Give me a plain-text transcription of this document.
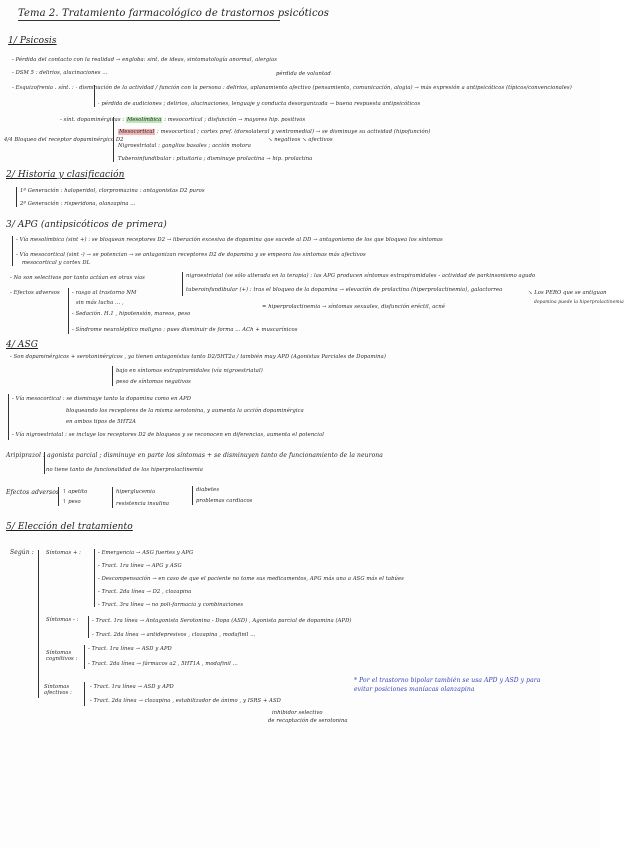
Tema 2. Tratamiento farmacológico de trastornos psicóticos
1/ Psicosis
- Pérdida del contacto con la realidad → engloba: sint. de ideas, sintomatología anormal, alergias
- DSM 5 : delirios, alucinaciones ...	pérdida de voluntad
- Esquizofrenia . sínt. : · disminución de la actividad / función con la persona : delirios, aplanamiento afectivo (pensamiento, comunicación, alogia) → más expresión a antipsicóticos (típicos/convencionales)
· pérdida de audiciones ; delirios, alucinaciones, lenguaje y conducta desorganizada → buena respuesta antipsicóticos
- sínt. dopaminérgicas : Mesolímbica : mesocortical ; disfunción → mayores hip. positivos
Mesocortical : mesocortical ; cortex pref. (dorsolateral y ventromedial) → se disminuye su actividad (hipofunción)
↘ negativos ↘ afectivos
Nigroestriatal : ganglios basales ; acción motora
Tuberoinfundibular : pituitaria ; disminuye prolactina → hip. prolactina
4/4 Bloqueo del receptor dopaminérgico D2
2/ Historia y clasificación
1ª Generación : haloperidol, clorpromazina : antagonistas D2 puros
2ª Generación : risperidona, olanzapina ...
3/ APG (antipsicóticos de primera)
- Vía mesolímbica (sint +) : se bloquean receptores D2 → liberación excesiva de dopamina que sucede al DD → antagonismo de los que bloquea los síntomas
- Vía mesocortical (sint -) → se potencian → se antagonizan receptores D2 de dopamina y se empeora los síntomas más afectivos
mesocortical y cortex DL
- No son selectivos por tanto actúan en otras vías	nigroestriatal (se sólo alterada en la terapia) : las APG producen síntomas extrapiramidales - actividad de parkinsonismo agudo
- Efectos adversos	tuberoinfundibular (+) : tras el bloqueo de la dopamina → elevación de prolactina (hiperprolactinemia), galactorrea
- rasgo al trastorno NM
sin más lucha ... ,
- Sedación. H.1 , hipotensión, mareos, peso
- Síndrome neuroléptico maligno : pues disminuir de forma ... ACh + muscarínicos
↘ Los PERO que se antiguan
dopamina puede la hiperprolactinemia
= hiperprolactinemia → síntomas sexuales, disfunción eréctil, acné
4/ ASG
- Son dopaminérgicos + serotoninérgicos , ya tienen antagonistas tanto D2/5HT2a / también muy APD (Agonistas Parciales de Dopamina)
bajo en síntomas extrapiramidales (vía nigroestriatal)
peso de síntomas negativos
- Vía mesocortical : se disminuye tanto la dopamina como en APD
bloqueando los receptores de la misma serotonina, y aumenta la acción dopaminérgica
en ambos tipos de 5HT2A
- Vía nigroestriatal : se incluye los receptores D2 de bloqueos y se reconocen en diferencias, aumenta el potencial
Aripiprazol : agonista parcial ; disminuye en parte los síntomas + se disminuyen tanto de funcionamiento de la neurona
no tiene tanto de funcionalidad de los hiperprolactinemia
Efectos adversos ↑ apetito
↑ peso
hiperglucemia
resistencia insulina
diabetes
problemas cardiacos
5/ Elección del tratamiento
Según : Síntomas + :	- Emergencia → ASG fuertes y APG
- Tract. 1ra línea → APG y ASG
- Descompensación → en caso de que el paciente no tome sus medicamentos, APG más una a ASG más el tabúes
- Tract. 2da línea → D2 , clozapina
- Tract. 3ra línea → no poli-farmacia y combinaciones
Síntomas - :	- Tract. 1ra línea → Antagonista Serotonina - Dopa (ASD) , Agonista parcial de dopamina (APD)
- Tract. 2da línea → antidepresivos , clozapina , modafinil ...
Síntomas cognitivos :
- Tract. 1ra línea → ASD y APD
- Tract. 2da línea → fármacos a2 , 5HT1A , modafinil ...
Síntomas afectivos :
- Tract. 1ra línea → ASD y APD
- Tract. 2da línea → clozapina , estabilizador de ánimo , y ISRS + ASD
inhibidor selectivo
de recaptación de serotonina
* Por el trastorno bipolar también se usa APD y ASD y para evitar posiciones maníacas olanzapina
